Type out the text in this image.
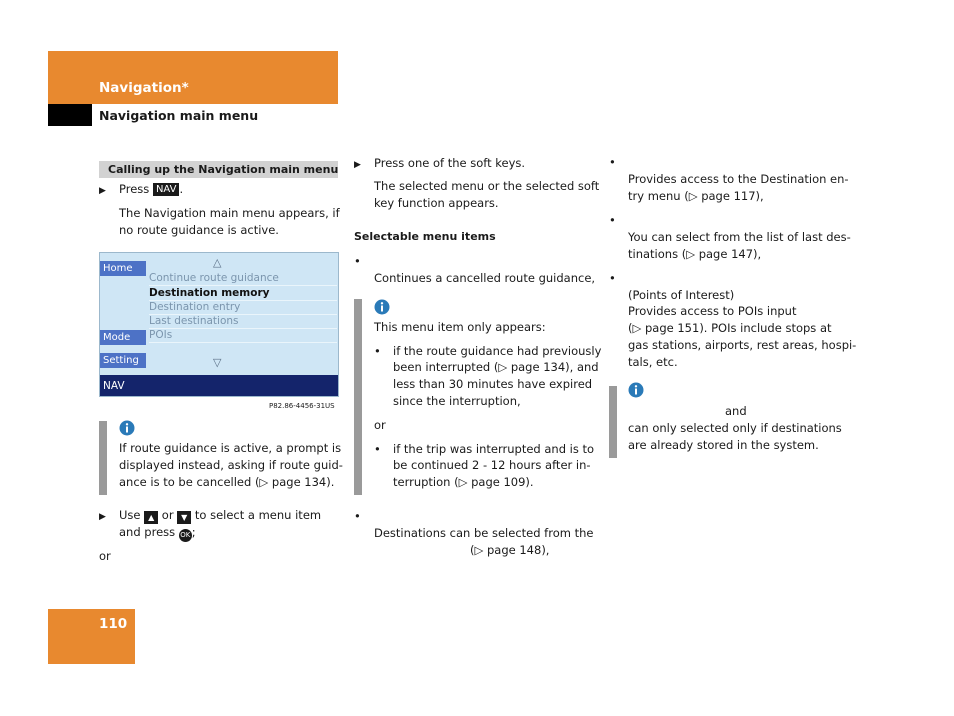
Navigation*
Navigation main menu
Calling up the Navigation main menu
▶ Press NAV .
The Navigation main menu appears, if
no route guidance is active.
Home
Mode
Setting
△
Continue route guidance
Destination memory
Destination entry
Last destinations
POIs
▽
NAV
P82.86-4456-31US
If route guidance is active, a prompt is
displayed instead, asking if route guid-
ance is to be cancelled (▷ page 134).
▶ Use ▲ or ▼ to select a menu item
and press OK;
or
▶ Press one of the soft keys.
The selected menu or the selected soft
key function appears.
Selectable menu items
•
Continues a cancelled route guidance,
This menu item only appears:
• if the route guidance had previously
been interrupted (▷ page 134), and
less than 30 minutes have expired
since the interruption,
or
• if the trip was interrupted and is to
be continued 2 - 12 hours after in-
terruption (▷ page 109).
•
Destinations can be selected from the
(▷ page 148),
•
Provides access to the Destination en-
try menu (▷ page 117),
•
You can select from the list of last des-
tinations (▷ page 147),
•
(Points of Interest)
Provides access to POIs input
(▷ page 151). POIs include stops at
gas stations, airports, rest areas, hospi-
tals, etc.
and
can only selected only if destinations
are already stored in the system.
110
